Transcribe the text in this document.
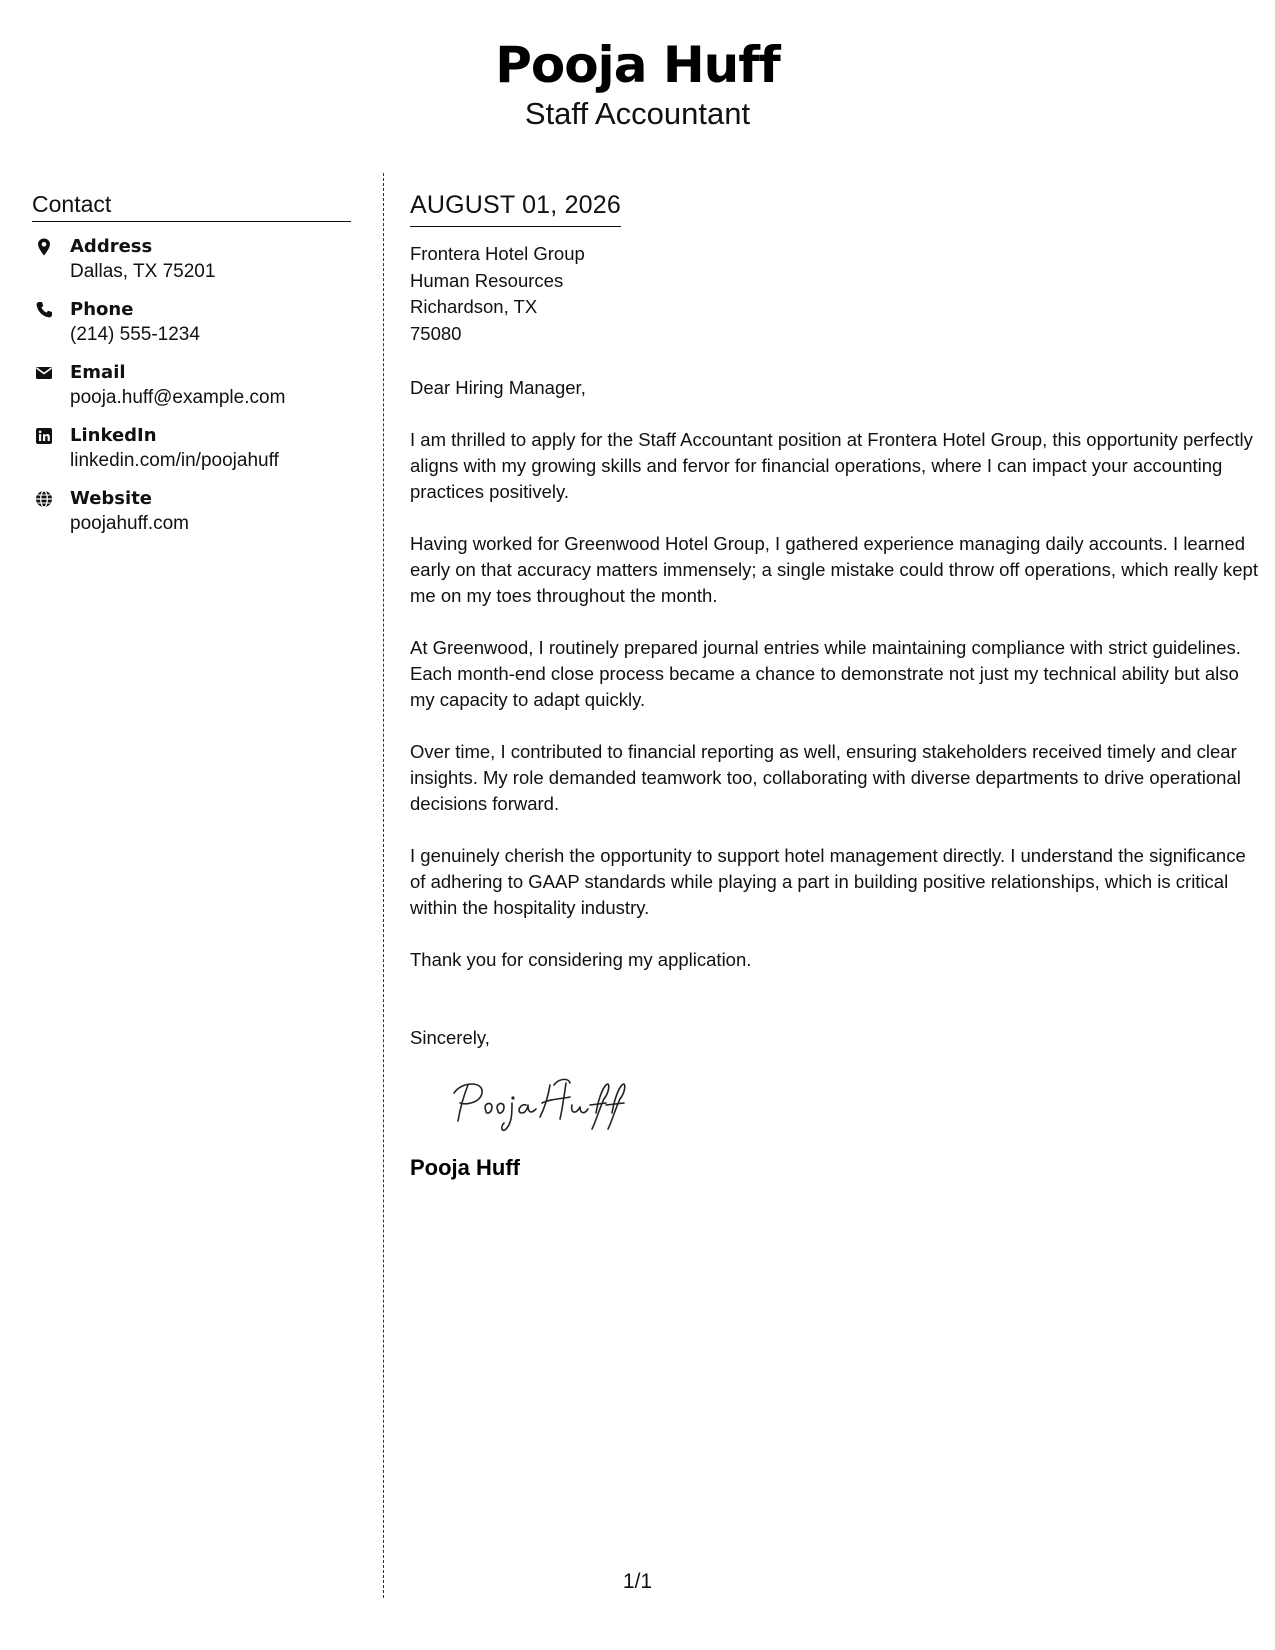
Pooja Huff
Staff Accountant
Contact
Address
Dallas, TX 75201
Phone
(214) 555-1234
Email
pooja.huff@example.com
LinkedIn
linkedin.com/in/poojahuff
Website
poojahuff.com
AUGUST 01, 2026
Frontera Hotel Group
Human Resources
Richardson, TX
75080
Dear Hiring Manager,
I am thrilled to apply for the Staff Accountant position at Frontera Hotel Group, this opportunity perfectly aligns with my growing skills and fervor for financial operations, where I can impact your accounting practices positively.
Having worked for Greenwood Hotel Group, I gathered experience managing daily accounts. I learned early on that accuracy matters immensely; a single mistake could throw off operations, which really kept me on my toes throughout the month.
At Greenwood, I routinely prepared journal entries while maintaining compliance with strict guidelines. Each month-end close process became a chance to demonstrate not just my technical ability but also my capacity to adapt quickly.
Over time, I contributed to financial reporting as well, ensuring stakeholders received timely and clear insights. My role demanded teamwork too, collaborating with diverse departments to drive operational decisions forward.
I genuinely cherish the opportunity to support hotel management directly. I understand the significance of adhering to GAAP standards while playing a part in building positive relationships, which is critical within the hospitality industry.
Thank you for considering my application.
Sincerely,
Pooja Huff
1/1
